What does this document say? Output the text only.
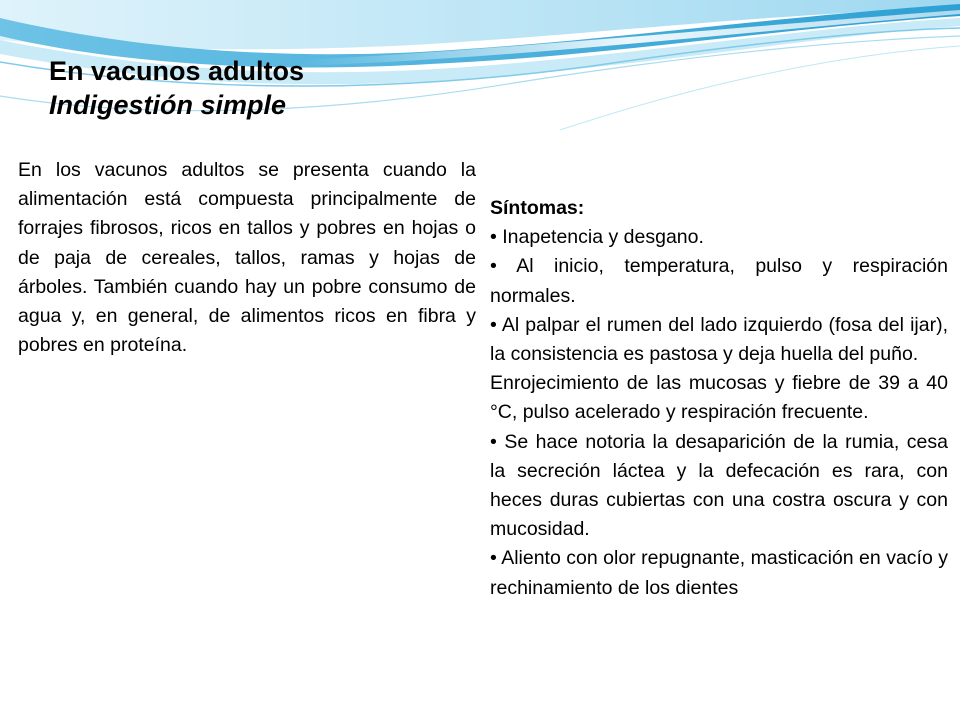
En vacunos adultos

Indigestión simple

En los vacunos adultos se presenta cuando la alimentación está compuesta principalmente de forrajes fibrosos, ricos en tallos y pobres en hojas o de paja de cereales, tallos, ramas y hojas de árboles. También cuando hay un pobre consumo de agua y, en general, de alimentos ricos en fibra y pobres en proteína.

Síntomas:

• Inapetencia y desgano.

• Al inicio, temperatura, pulso y respiración normales.

• Al palpar el rumen del lado izquierdo (fosa del ijar), la consistencia es pastosa y deja huella del puño.

Enrojecimiento de las mucosas y fiebre de 39 a 40 °C, pulso acelerado y respiración frecuente.

• Se hace notoria la desaparición de la rumia, cesa la secreción láctea y la defecación es rara, con heces duras cubiertas con una costra oscura y con mucosidad.

• Aliento con olor repugnante, masticación en vacío y rechinamiento de los dientes
